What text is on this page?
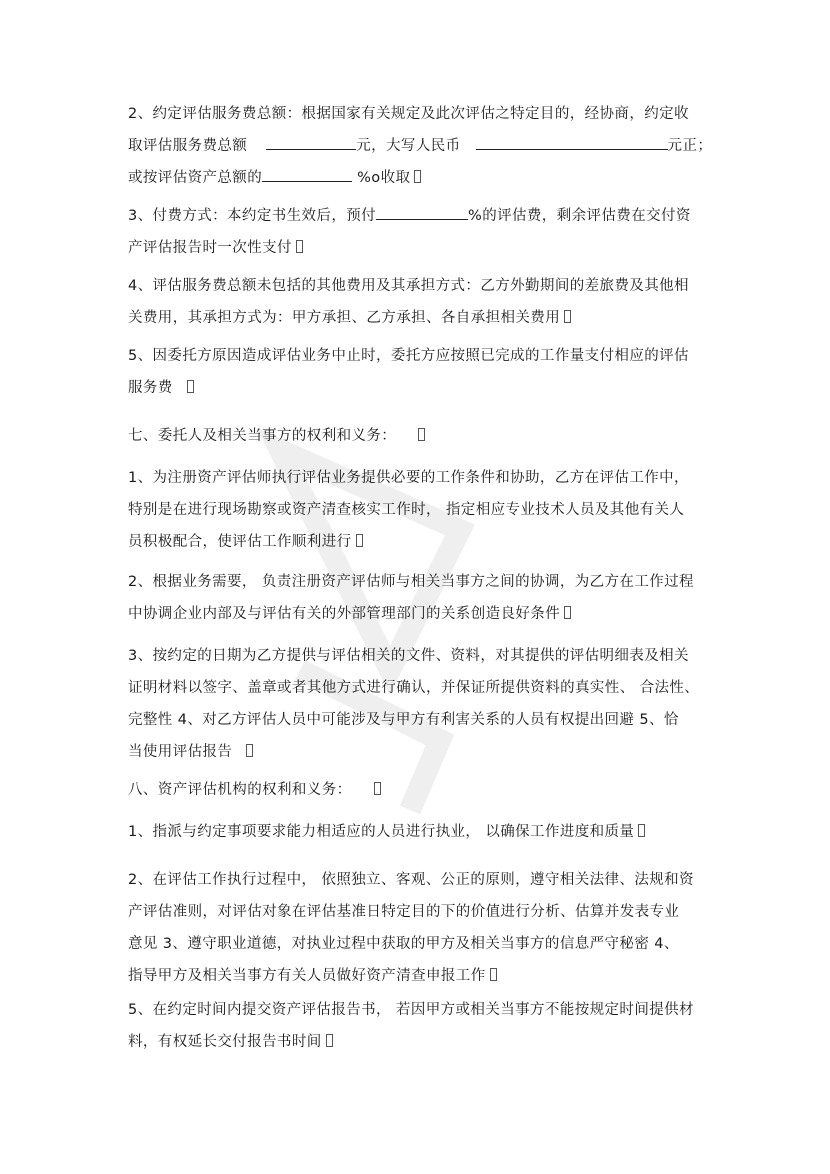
2、约定评估服务费总额：根据国家有关规定及此次评估之特定目的，经协商，约定收
取评估服务费总额	元，大写人民币	元正；
或按评估资产总额的	%o收取

3、付费方式：本约定书生效后，预付	%的评估费，剩余评估费在交付资
产评估报告时一次性支付

4、评估服务费总额未包括的其他费用及其承担方式：乙方外勤期间的差旅费及其他相
关费用，其承担方式为：甲方承担、乙方承担、各自承担相关费用

5、因委托方原因造成评估业务中止时，委托方应按照已完成的工作量支付相应的评估
服务费

七、委托人及相关当事方的权利和义务：

1、为注册资产评估师执行评估业务提供必要的工作条件和协助，乙方在评估工作中，
特别是在进行现场勘察或资产清查核实工作时， 指定相应专业技术人员及其他有关人
员积极配合，使评估工作顺利进行

2、根据业务需要， 负责注册资产评估师与相关当事方之间的协调，为乙方在工作过程
中协调企业内部及与评估有关的外部管理部门的关系创造良好条件

3、按约定的日期为乙方提供与评估相关的文件、资料，对其提供的评估明细表及相关
证明材料以签字、盖章或者其他方式进行确认，并保证所提供资料的真实性、 合法性、
完整性 4、对乙方评估人员中可能涉及与甲方有利害关系的人员有权提出回避 5、恰
当使用评估报告

八、资产评估机构的权利和义务：

1、指派与约定事项要求能力相适应的人员进行执业， 以确保工作进度和质量

2、在评估工作执行过程中， 依照独立、客观、公正的原则，遵守相关法律、法规和资
产评估准则，对评估对象在评估基准日特定目的下的价值进行分析、估算并发表专业
意见 3、遵守职业道德，对执业过程中获取的甲方及相关当事方的信息严守秘密 4、
指导甲方及相关当事方有关人员做好资产清查申报工作

5、在约定时间内提交资产评估报告书， 若因甲方或相关当事方不能按规定时间提供材
料，有权延长交付报告书时间
